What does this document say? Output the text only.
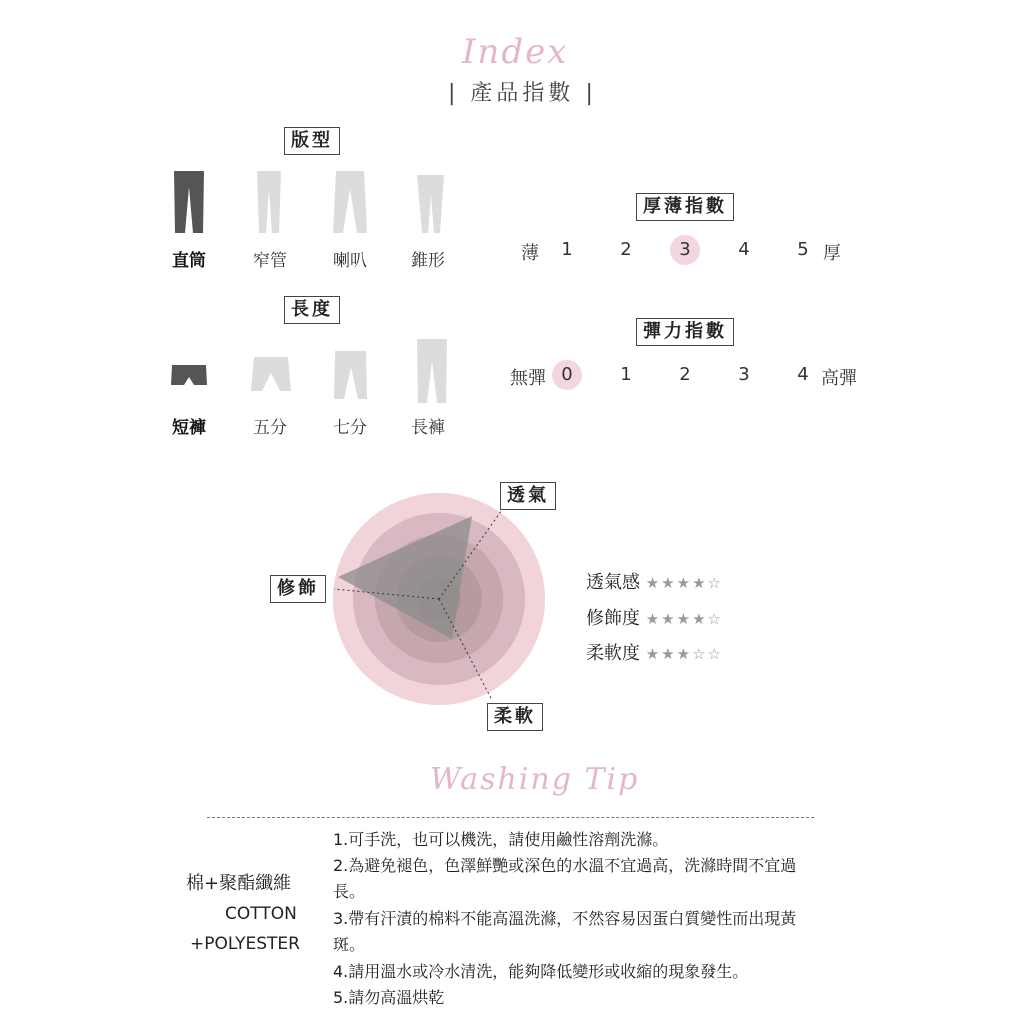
Index
| 產品指數 |
版型
直筒	窄管	喇叭	錐形
長度
短褲	五分	七分	長褲
厚薄指數
薄	1	2	3	4	5 厚
彈力指數
無彈 0	1	2	3	4 高彈
透氣
修飾
柔軟
透氣感 ★★★★☆
修飾度 ★★★★☆
柔軟度 ★★★☆☆
Washing Tip
棉+聚酯纖維
COTTON
+POLYESTER
1.可手洗，也可以機洗，請使用鹼性溶劑洗滌。
2.為避免褪色，色澤鮮艷或深色的水溫不宜過高，洗滌時間不宜過長。
3.帶有汗漬的棉料不能高溫洗滌，不然容易因蛋白質變性而出現黃斑。
4.請用溫水或冷水清洗，能夠降低變形或收縮的現象發生。
5.請勿高溫烘乾
